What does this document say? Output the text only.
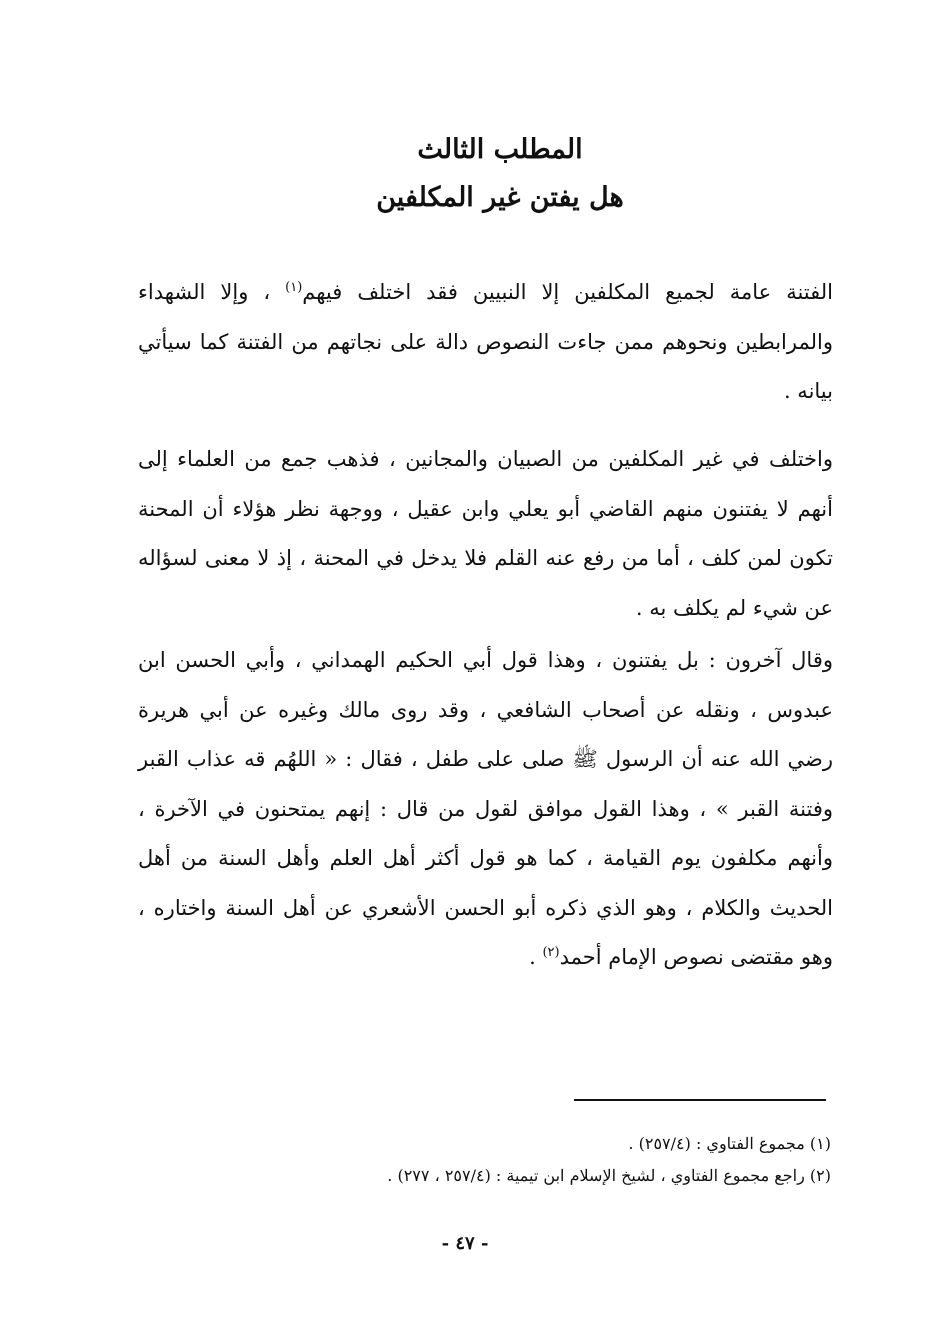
المطلب الثالث
هل يفتن غير المكلفين
الفتنة عامة لجميع المكلفين إلا النبيين فقد اختلف فيهم$^{(١)}$ ، وإلا الشهداء والمرابطين ونحوهم ممن جاءت النصوص دالة على نجاتهم من الفتنة كما سيأتي بيانه .
واختلف في غير المكلفين من الصبيان والمجانين ، فذهب جمع من العلماء إلى أنهم لا يفتنون منهم القاضي أبو يعلي وابن عقيل ، ووجهة نظر هؤلاء أن المحنة تكون لمن كلف ، أما من رفع عنه القلم فلا يدخل في المحنة ، إذ لا معنى لسؤاله عن شيء لم يكلف به .
وقال آخرون : بل يفتنون ، وهذا قول أبي الحكيم الهمداني ، وأبي الحسن ابن عبدوس ، ونقله عن أصحاب الشافعي ، وقد روى مالك وغيره عن أبي هريرة رضي الله عنه أن الرسول ﷺ صلى على طفل ، فقال : « اللهُم قه عذاب القبر وفتنة القبر » ، وهذا القول موافق لقول من قال : إنهم يمتحنون في الآخرة ، وأنهم مكلفون يوم القيامة ، كما هو قول أكثر أهل العلم وأهل السنة من أهل الحديث والكلام ، وهو الذي ذكره أبو الحسن الأشعري عن أهل السنة واختاره ، وهو مقتضى نصوص الإمام أحمد$^{(٢)}$ .
(١) مجموع الفتاوي : (٢٥٧/٤) .
(٢) راجع مجموع الفتاوي ، لشيخ الإسلام ابن تيمية : (٢٥٧/٤ ، ٢٧٧) .
- ٤٧ -
